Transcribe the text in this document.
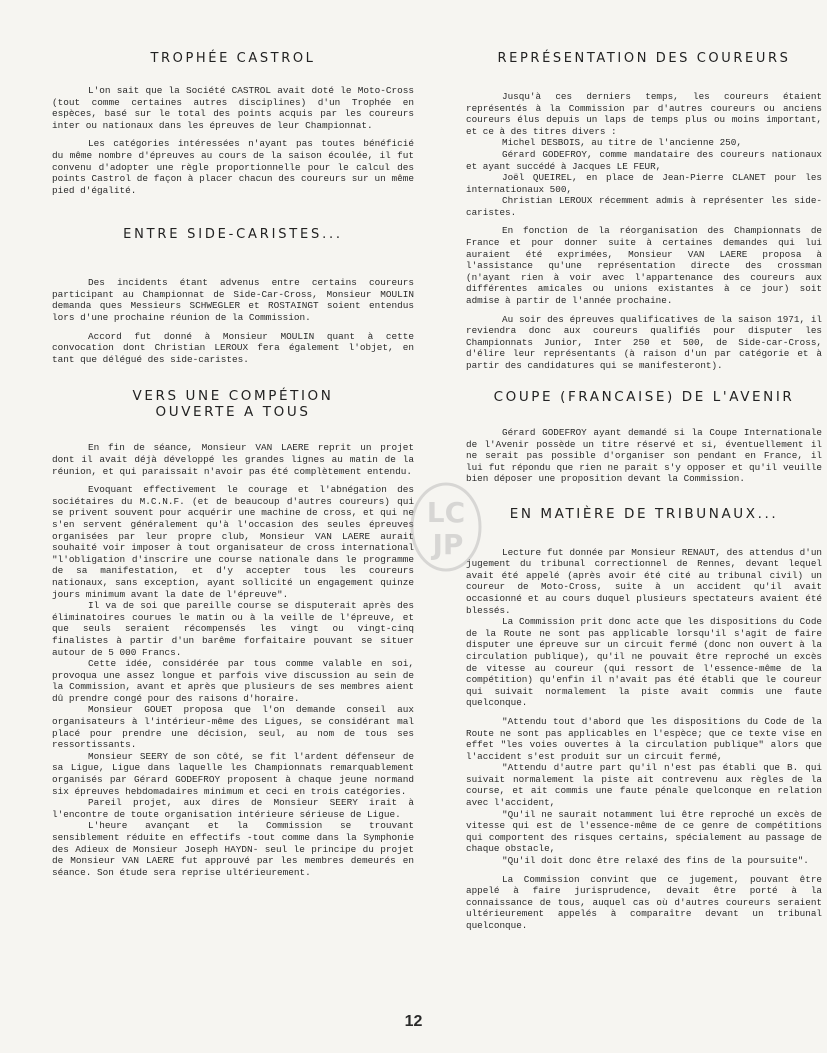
TROPHÉE CASTROL

L'on sait que la Société CASTROL avait doté le Moto-Cross (tout comme certaines autres disciplines) d'un Trophée en espèces, basé sur le total des points acquis par les coureurs inter ou nationaux dans les épreuves de leur Championnat.

Les catégories intéressées n'ayant pas toutes bénéficié du même nombre d'épreuves au cours de la saison écoulée, il fut convenu d'adopter une règle proportionnelle pour le calcul des points Castrol de façon à placer chacun des coureurs sur un même pied d'égalité.

ENTRE SIDE-CARISTES...

Des incidents étant advenus entre certains coureurs participant au Championnat de Side-Car-Cross, Monsieur MOULIN demanda ques Messieurs SCHWEGLER et ROSTAINGT soient entendus lors d'une prochaine réunion de la Commission.

Accord fut donné à Monsieur MOULIN quant à cette convocation dont Christian LEROUX fera également l'objet, en tant que délégué des side-caristes.

VERS UNE COMPÉTION
OUVERTE A TOUS

En fin de séance, Monsieur VAN LAERE reprit un projet dont il avait déjà développé les grandes lignes au matin de la réunion, et qui paraissait n'avoir pas été complètement entendu.

Evoquant effectivement le courage et l'abnégation des sociétaires du M.C.N.F. (et de beaucoup d'autres coureurs) qui se privent souvent pour acquérir une machine de cross, et qui ne s'en servent généralement qu'à l'occasion des seules épreuves organisées par leur propre club, Monsieur VAN LAERE aurait souhaité voir imposer à tout organisateur de cross international "l'obligation d'inscrire une course nationale dans le programme de sa manifestation, et d'y accepter tous les coureurs nationaux, sans exception, ayant sollicité un engagement quinze jours minimum avant la date de l'épreuve".

Il va de soi que pareille course se disputerait après des éliminatoires courues le matin ou à la veille de l'épreuve, et que seuls seraient récompensés les vingt ou vingt-cinq finalistes à partir d'un barême forfaitaire pouvant se situer autour de 5 000 Francs.

Cette idée, considérée par tous comme valable en soi, provoqua une assez longue et parfois vive discussion au sein de la Commission, avant et après que plusieurs de ses membres aient dû prendre congé pour des raisons d'horaire.

Monsieur GOUET proposa que l'on demande conseil aux organisateurs à l'intérieur-même des Ligues, se considérant mal placé pour prendre une décision, seul, au nom de tous ses ressortissants.

Monsieur SEERY de son côté, se fit l'ardent défenseur de sa Ligue, Ligue dans laquelle les Championnats remarquablement organisés par Gérard GODEFROY proposent à chaque jeune normand six épreuves hebdomadaires minimum et ceci en trois catégories.

Pareil projet, aux dires de Monsieur SEERY irait à l'encontre de toute organisation intérieure sérieuse de Ligue.

L'heure avançant et la Commission se trouvant sensiblement réduite en effectifs -tout comme dans la Symphonie des Adieux de Monsieur Joseph HAYDN- seul le principe du projet de Monsieur VAN LAERE fut approuvé par les membres demeurés en séance. Son étude sera reprise ultérieurement.

REPRÉSENTATION DES COUREURS

Jusqu'à ces derniers temps, les coureurs étaient représentés à la Commission par d'autres coureurs ou anciens coureurs élus depuis un laps de temps plus ou moins important, et ce à des titres divers :

Michel DESBOIS, au titre de l'ancienne 250,

Gérard GODEFROY, comme mandataire des coureurs nationaux et ayant succédé à Jacques LE FEUR,

Joël QUEIREL, en place de Jean-Pierre CLANET pour les internationaux 500,

Christian LEROUX récemment admis à représenter les side-caristes.

En fonction de la réorganisation des Championnats de France et pour donner suite à certaines demandes qui lui auraient été exprimées, Monsieur VAN LAERE proposa à l'assistance qu'une représentation directe des crossman (n'ayant rien à voir avec l'appartenance des coureurs aux différentes amicales ou unions existantes à ce jour) soit admise à partir de l'année prochaine.

Au soir des épreuves qualificatives de la saison 1971, il reviendra donc aux coureurs qualifiés pour disputer les Championnats Junior, Inter 250 et 500, de Side-car-Cross, d'élire leur représentants (à raison d'un par catégorie et à partir des candidatures qui se manifesteront).

COUPE (FRANCAISE) DE L'AVENIR

Gérard GODEFROY ayant demandé si la Coupe Internationale de l'Avenir possède un titre réservé et si, éventuellement il ne serait pas possible d'organiser son pendant en France, il lui fut répondu que rien ne parait s'y opposer et qu'il veuille bien déposer une proposition devant la Commission.

EN MATIÈRE DE TRIBUNAUX...

Lecture fut donnée par Monsieur RENAUT, des attendus d'un jugement du tribunal correctionnel de Rennes, devant lequel avait été appelé (après avoir été cité au tribunal civil) un coureur de Moto-Cross, suite à un accident qu'il avait occasionné et au cours duquel plusieurs spectateurs avaient été blessés.

La Commission prit donc acte que les dispositions du Code de la Route ne sont pas applicable lorsqu'il s'agit de faire disputer une épreuve sur un circuit fermé (donc non ouvert à la circulation publique), qu'il ne pouvait être reproché un excès de vitesse au coureur (qui ressort de l'essence-même de la compétition) qu'enfin il n'avait pas été établi que le coureur qui suivait normalement la piste avait commis une faute quelconque.

"Attendu tout d'abord que les dispositions du Code de la Route ne sont pas applicables en l'espèce; que ce texte vise en effet "les voies ouvertes à la circulation publique" alors que l'accident s'est produit sur un circuit fermé,

"Attendu d'autre part qu'il n'est pas établi que B. qui suivait normalement la piste ait contrevenu aux règles de la course, et ait commis une faute pénale quelconque en relation avec l'accident,

"Qu'il ne saurait notamment lui être reproché un excès de vitesse qui est de l'essence-même de ce genre de compétitions qui comportent des risques certains, spécialement au passage de chaque obstacle,

"Qu'il doit donc être relaxé des fins de la poursuite".

La Commission convint que ce jugement, pouvant être appelé à faire jurisprudence, devait être porté à la connaissance de tous, auquel cas où d'autres coureurs seraient ultérieurement appelés à comparaître devant un tribunal quelconque.

LC
JP
12
